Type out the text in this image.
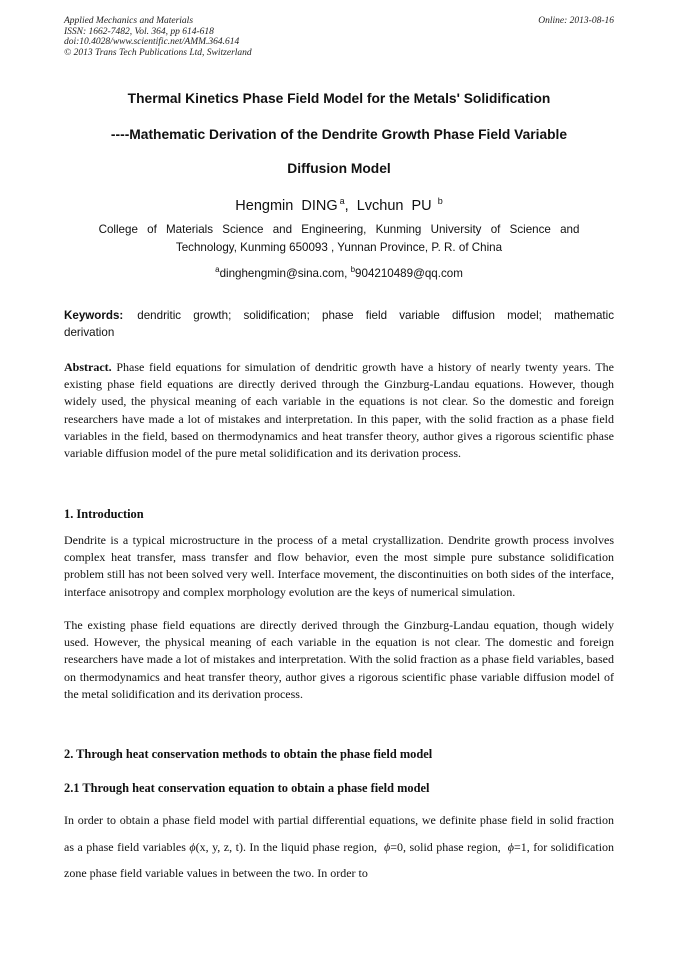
Applied Mechanics and Materials
ISSN: 1662-7482, Vol. 364, pp 614-618
doi:10.4028/www.scientific.net/AMM.364.614
© 2013 Trans Tech Publications Ltd, Switzerland
Online: 2013-08-16
Thermal Kinetics Phase Field Model for the Metals' Solidification
----Mathematic Derivation of the Dendrite Growth Phase Field Variable
Diffusion Model
Hengmin DING $^a$, Lvchun PU $^b$
College of Materials Science and Engineering, Kunming University of Science and
Technology, Kunming 650093 , Yunnan Province, P. R. of China
$^a$dinghengmin@sina.com, $^b$904210489@qq.com
Keywords: dendritic growth; solidification; phase field variable diffusion model; mathematic derivation

Abstract. Phase field equations for simulation of dendritic growth have a history of nearly twenty years. The existing phase field equations are directly derived through the Ginzburg-Landau equations. However, though widely used, the physical meaning of each variable in the equations is not clear. So the domestic and foreign researchers have made a lot of mistakes and interpretation. In this paper, with the solid fraction as a phase field variables in the field, based on thermodynamics and heat transfer theory, author gives a rigorous scientific phase variable diffusion model of the pure metal solidification and its derivation process.

1. Introduction

Dendrite is a typical microstructure in the process of a metal crystallization. Dendrite growth process involves complex heat transfer, mass transfer and flow behavior, even the most simple pure substance solidification problem still has not been solved very well. Interface movement, the discontinuities on both sides of the interface, interface anisotropy and complex morphology evolution are the keys of numerical simulation.

The existing phase field equations are directly derived through the Ginzburg-Landau equation, though widely used. However, the physical meaning of each variable in the equation is not clear. The domestic and foreign researchers have made a lot of mistakes and interpretation. With the solid fraction as a phase field variables, based on thermodynamics and heat transfer theory, author gives a rigorous scientific phase variable diffusion model of the metal solidification and its derivation process.

2. Through heat conservation methods to obtain the phase field model
2.1 Through heat conservation equation to obtain a phase field model

In order to obtain a phase field model with partial differential equations, we definite phase field in solid fraction as a phase field variables ϕ(x, y, z, t). In the liquid phase region, ϕ=0, solid phase region, ϕ=1, for solidification zone phase field variable values in between the two. In order to
